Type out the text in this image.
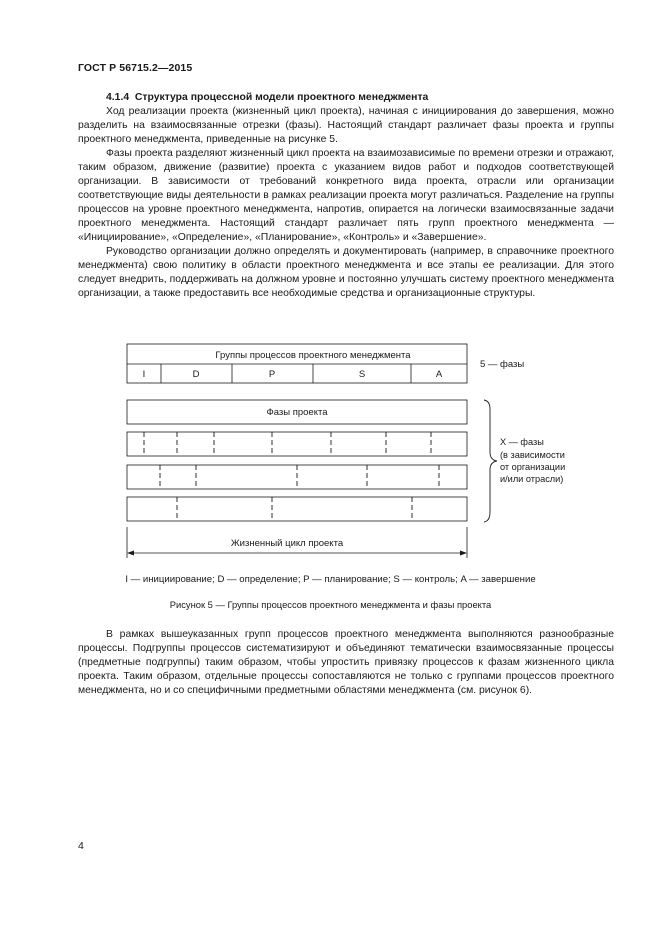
ГОСТ Р 56715.2—2015

4.1.4 Структура процессной модели проектного менеджмента

Ход реализации проекта (жизненный цикл проекта), начиная с инициирования до завершения, можно разделить на взаимосвязанные отрезки (фазы). Настоящий стандарт различает фазы проекта и группы проектного менеджмента, приведенные на рисунке 5.

Фазы проекта разделяют жизненный цикл проекта на взаимозависимые по времени отрезки и отражают, таким образом, движение (развитие) проекта с указанием видов работ и подходов соответствующей организации. В зависимости от требований конкретного вида проекта, отрасли или организации соответствующие виды деятельности в рамках реализации проекта могут различаться. Разделение на группы процессов на уровне проектного менеджмента, напротив, опирается на логически взаимосвязанные задачи проектного менеджмента. Настоящий стандарт различает пять групп проектного менеджмента — «Инициирование», «Определение», «Планирование», «Контроль» и «Завершение».

Руководство организации должно определять и документировать (например, в справочнике проектного менеджмента) свою политику в области проектного менеджмента и все этапы ее реализации. Для этого следует внедрить, поддерживать на должном уровне и постоянно улучшать систему проектного менеджмента организации, а также предоставить все необходимые средства и организационные структуры.

Группы процессов проектного менеджмента
I	D	P	S	A
5 — фазы
Фазы проекта
X — фазы
(в зависимости
от организации
и/или отрасли)
Жизненный цикл проекта
I — инициирование; D — определение; P — планирование; S — контроль; A — завершение
Рисунок 5 — Группы процессов проектного менеджмента и фазы проекта

В рамках вышеуказанных групп процессов проектного менеджмента выполняются разнообразные процессы. Подгруппы процессов систематизируют и объединяют тематически взаимосвязанные процессы (предметные подгруппы) таким образом, чтобы упростить привязку процессов к фазам жизненного цикла проекта. Таким образом, отдельные процессы сопоставляются не только с группами процессов проектного менеджмента, но и со специфичными предметными областями менеджмента (см. рисунок 6).

4
